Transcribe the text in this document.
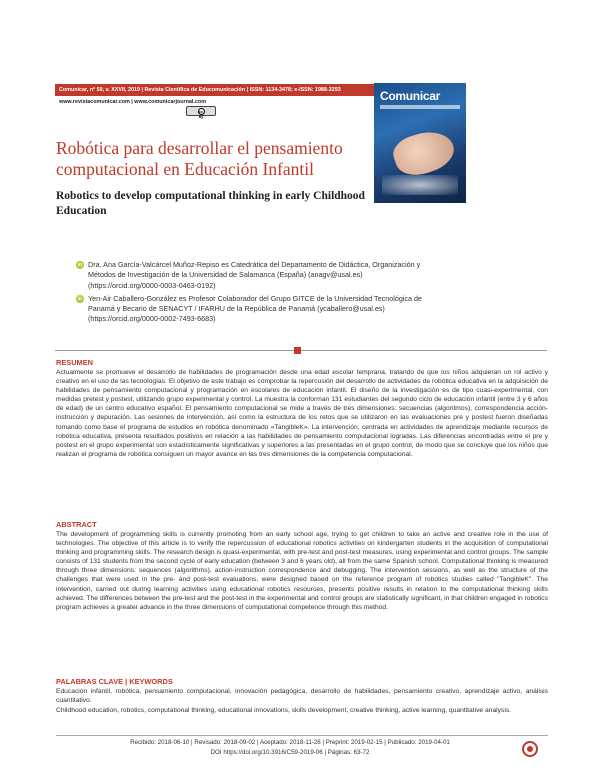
Comunicar, nº 59, v. XXVII, 2019 | Revista Científica de Educomunicación | ISSN: 1134-3478; e-ISSN: 1988-3293
www.revistacomunicar.com | www.comunicarjournal.com
cc by
Comunicar
Robótica para desarrollar el pensamiento computacional en Educación Infantil
Robotics to develop computational thinking in early Childhood Education
iD Dra. Ana García-Valcárcel Muñoz-Repiso es Catedrática del Departamento de Didáctica, Organización y Métodos de Investigación de la Universidad de Salamanca (España) (anagv@usal.es)
(https://orcid.org/0000-0003-0463-0192)
iD Yen-Air Caballero-González es Profesor Colaborador del Grupo GITCE de la Universidad Tecnológica de Panamá y Becario de SENACYT / IFARHU de la República de Panamá (ycaballero@usal.es)
(https://orcid.org/0000-0002-7493-6683)
RESUMEN
Actualmente se promueve el desarrollo de habilidades de programación desde una edad escolar temprana, tratando de que los niños adquieran un rol activo y creativo en el uso de las tecnologías. El objetivo de este trabajo es comprobar la repercusión del desarrollo de actividades de robótica educativa en la adquisición de habilidades de pensamiento computacional y programación en escolares de educación infantil. El diseño de la investigación es de tipo cuasi-experimental, con medidas pretest y postest, utilizando grupo experimental y control. La muestra la conforman 131 estudiantes del segundo ciclo de educación infantil (entre 3 y 6 años de edad) de un centro educativo español. El pensamiento computacional se mide a través de tres dimensiones: secuencias (algoritmos), correspondencia acción-instrucción y depuración. Las sesiones de intervención, así como la estructura de los retos que se utilizaron en las evaluaciones pre y postest fueron diseñadas tomando como base el programa de estudios en robótica denominado «TangibleK». La intervención, centrada en actividades de aprendizaje mediante recursos de robótica educativa, presenta resultados positivos en relación a las habilidades de pensamiento computacional logradas. Las diferencias encontradas entre el pre y postest en el grupo experimental son estadísticamente significativas y superiores a las presentadas en el grupo control, de modo que se concluye que los niños que realizan el programa de robótica consiguen un mayor avance en las tres dimensiones de la competencia computacional.
ABSTRACT
The development of programming skills is currently promoting from an early school age, trying to get children to take an active and creative role in the use of technologies. The objective of this article is to verify the repercussion of educational robotics activities on kindergarten students in the acquisition of computational thinking and programming skills. The research design is quasi-experimental, with pre-test and post-test measures, using experimental and control groups. The sample consists of 131 students from the second cycle of early education (between 3 and 6 years old), all from the same Spanish school. Computational thinking is measured through three dimensions: sequences (algorithms), action-instruction correspondence and debugging. The intervention sessions, as well as the structure of the challenges that were used in the pre- and post-test evaluations, were designed based on the reference program of robotics studies called "TangibleK". The intervention, carried out during learning activities using educational robotics resources, presents positive results in relation to the computational thinking skills achieved. The differences between the pre-test and the post-test in the experimental and control groups are statistically significant, in that children engaged in robotics program achieves a greater advance in the three dimensions of computational competence through this method.
PALABRAS CLAVE | KEYWORDS
Educación infantil, robótica, pensamiento computacional, innovación pedagógica, desarrollo de habilidades, pensamiento creativo, aprendizaje activo, análisis cuantitativo.
Childhood education, robotics, computational thinking, educational innovations, skills development, creative thinking, active learning, quantitative analysis.
Recibido: 2018-06-10 | Revisado: 2018-09-02 | Aceptado: 2018-11-28 | Preprint: 2019-02-15 | Publicado: 2019-04-01
DOI https://doi.org/10.3916/C59-2019-06 | Páginas: 63-72
